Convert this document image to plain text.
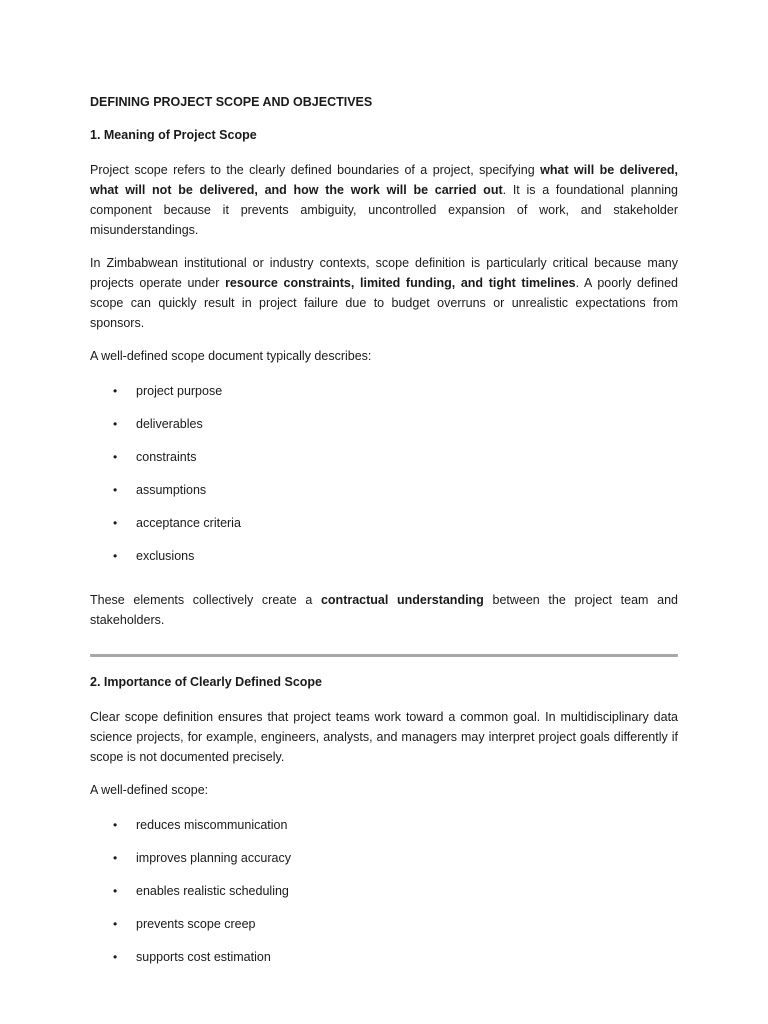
DEFINING PROJECT SCOPE AND OBJECTIVES
1. Meaning of Project Scope

Project scope refers to the clearly defined boundaries of a project, specifying what will be delivered, what will not be delivered, and how the work will be carried out. It is a foundational planning component because it prevents ambiguity, uncontrolled expansion of work, and stakeholder misunderstandings.

In Zimbabwean institutional or industry contexts, scope definition is particularly critical because many projects operate under resource constraints, limited funding, and tight timelines. A poorly defined scope can quickly result in project failure due to budget overruns or unrealistic expectations from sponsors.

A well-defined scope document typically describes:

• project purpose
• deliverables
• constraints
• assumptions
• acceptance criteria
• exclusions

These elements collectively create a contractual understanding between the project team and stakeholders.

2. Importance of Clearly Defined Scope

Clear scope definition ensures that project teams work toward a common goal. In multidisciplinary data science projects, for example, engineers, analysts, and managers may interpret project goals differently if scope is not documented precisely.

A well-defined scope:

• reduces miscommunication
• improves planning accuracy
• enables realistic scheduling
• prevents scope creep
• supports cost estimation
